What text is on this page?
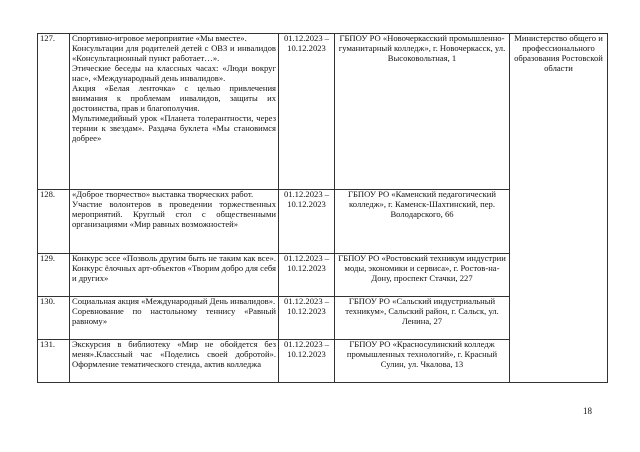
127.	Спортивно-игровое мероприятие «Мы вместе».
Консультации для родителей детей с ОВЗ и инвалидов «Консультационный пункт работает…».
Этические беседы на классных часах: «Люди вокруг нас», «Международный день инвалидов».
Акция «Белая ленточка» с целью привлечения внимания к проблемам инвалидов, защиты их достоинства, прав и благополучия.
Мультимедийный урок «Планета толерантности, через тернии к звездам». Раздача буклета «Мы становимся добрее»	01.12.2023 – 10.12.2023	ГБПОУ РО «Новочеркасский промышленно-гуманитарный колледж», г. Новочеркасск, ул. Высоковольтная, 1	Министерство общего и профессионального образования Ростовской области

128.	«Доброе творчество» выставка творческих работ.
Участие волонтеров в проведении торжественных мероприятий. Круглый стол с общественными организациями «Мир равных возможностей»	01.12.2023 – 10.12.2023	ГБПОУ РО «Каменский педагогический колледж», г. Каменск-Шахтинский, пер. Володарского, 66	
129.	Конкурс эссе «Позволь другим быть не таким как все». Конкурс ёлочных арт-объектов «Творим добро для себя и других»	01.12.2023 – 10.12.2023	ГБПОУ РО «Ростовский техникум индустрии моды, экономики и сервиса», г. Ростов-на-Дону, проспект Стачки, 227	
130.	Социальная акция «Международный День инвалидов».
Соревнование по настольному теннису «Равный равному»	01.12.2023 – 10.12.2023	ГБПОУ РО «Сальский индустриальный техникум», Сальский район, г. Сальск, ул. Ленина, 27	
131.	Экскурсия в библиотеку «Мир не обойдется без меня».Классный час «Поделись своей добротой». Оформление тематического стенда, актив колледжа	01.12.2023 – 10.12.2023	ГБПОУ РО «Красносулинский колледж промышленных технологий», г. Красный Сулин, ул. Чкалова, 13	
18
